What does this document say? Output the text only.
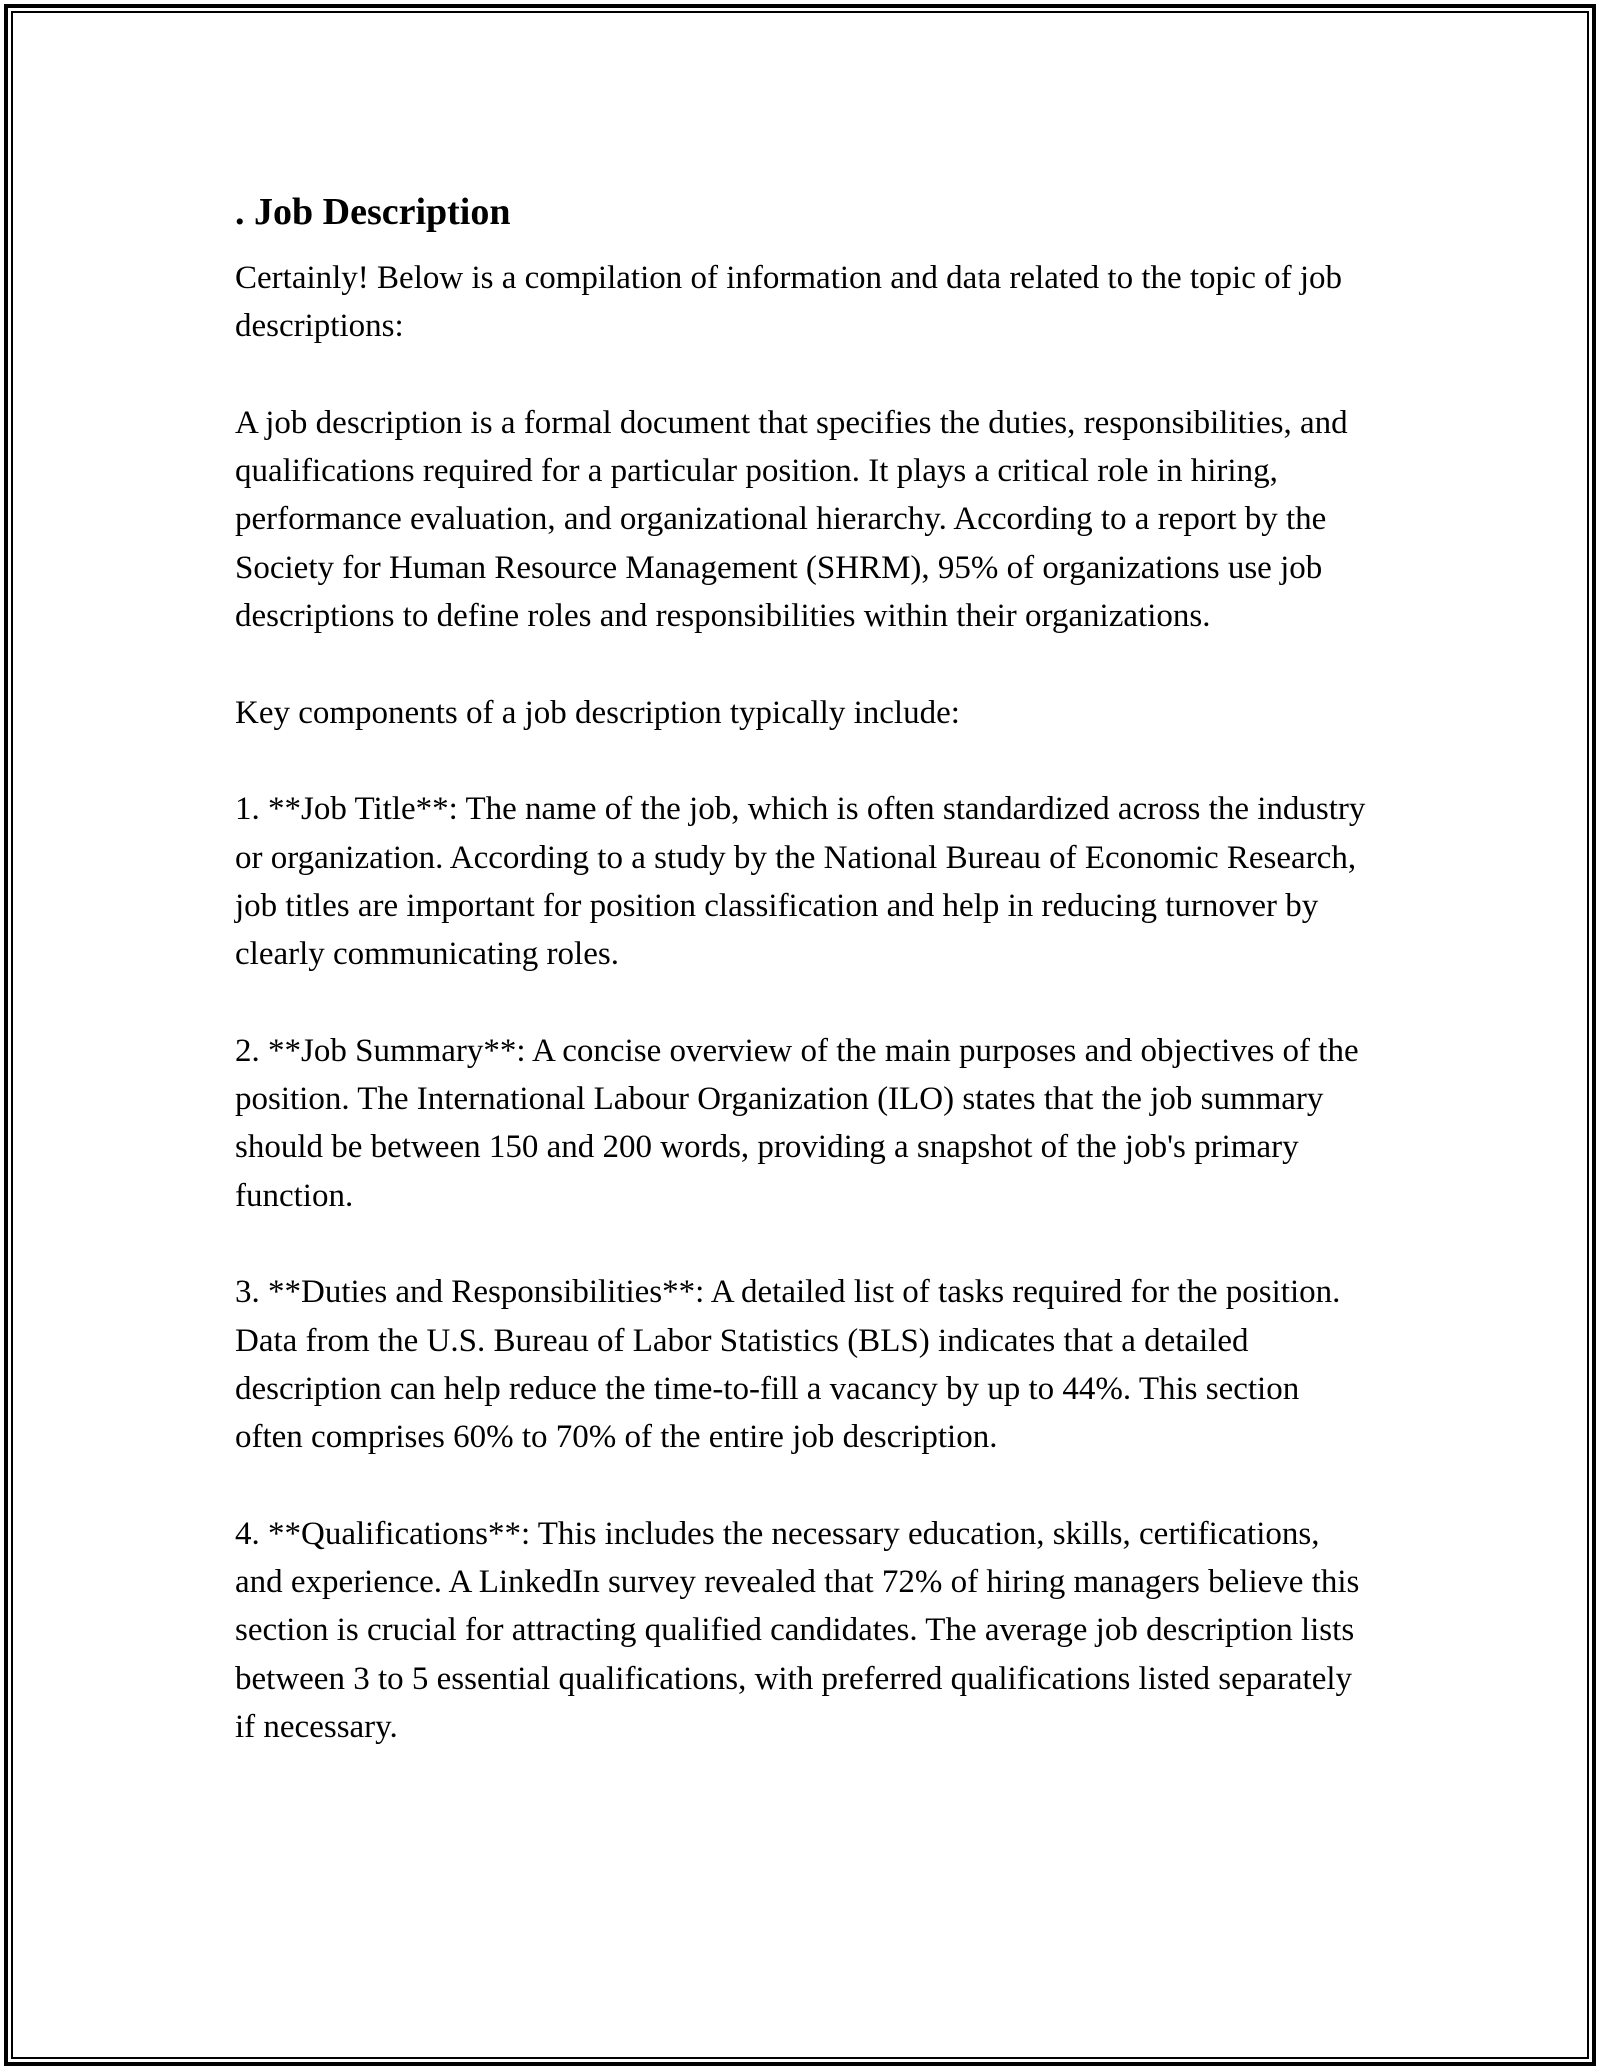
. Job Description

Certainly! Below is a compilation of information and data related to the topic of job descriptions:

A job description is a formal document that specifies the duties, responsibilities, and qualifications required for a particular position. It plays a critical role in hiring, performance evaluation, and organizational hierarchy. According to a report by the Society for Human Resource Management (SHRM), 95% of organizations use job descriptions to define roles and responsibilities within their organizations.

Key components of a job description typically include:

1. **Job Title**: The name of the job, which is often standardized across the industry or organization. According to a study by the National Bureau of Economic Research, job titles are important for position classification and help in reducing turnover by clearly communicating roles.

2. **Job Summary**: A concise overview of the main purposes and objectives of the position. The International Labour Organization (ILO) states that the job summary should be between 150 and 200 words, providing a snapshot of the job's primary function.

3. **Duties and Responsibilities**: A detailed list of tasks required for the position. Data from the U.S. Bureau of Labor Statistics (BLS) indicates that a detailed description can help reduce the time-to-fill a vacancy by up to 44%. This section often comprises 60% to 70% of the entire job description.

4. **Qualifications**: This includes the necessary education, skills, certifications, and experience. A LinkedIn survey revealed that 72% of hiring managers believe this section is crucial for attracting qualified candidates. The average job description lists between 3 to 5 essential qualifications, with preferred qualifications listed separately if necessary.
